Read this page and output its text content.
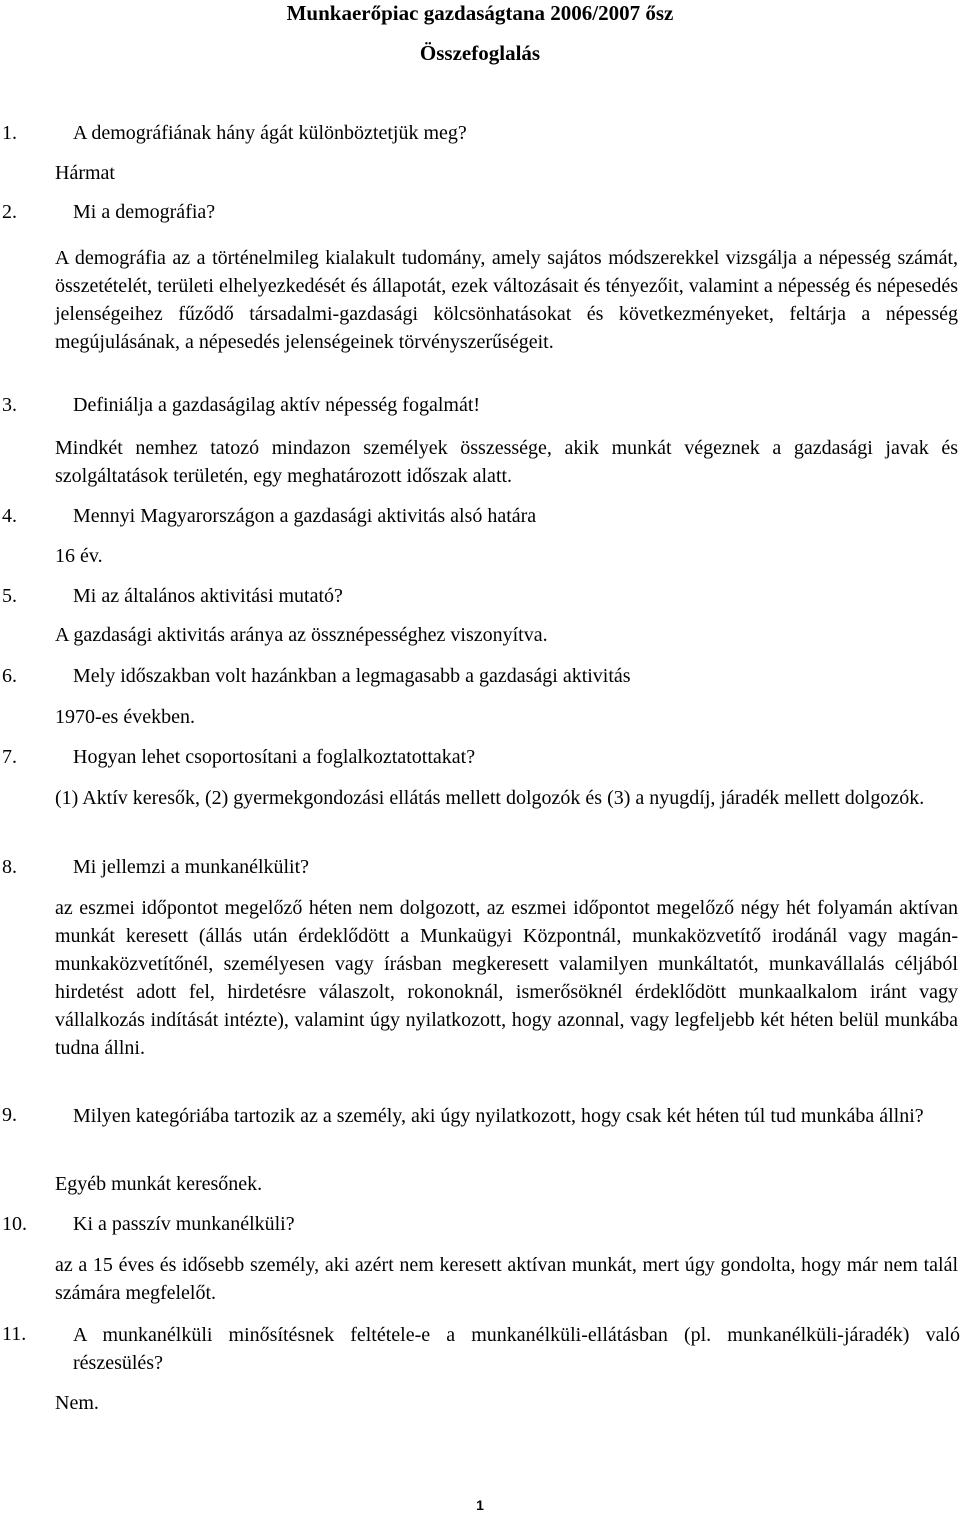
Munkaerőpiac gazdaságtana 2006/2007 ősz
Összefoglalás
1.	A demográfiának hány ágát különböztetjük meg?

Hármat

2.	Mi a demográfia?

A demográfia az a történelmileg kialakult tudomány, amely sajátos módszerekkel vizsgálja a népesség számát, összetételét, területi elhelyezkedését és állapotát, ezek változásait és tényezőit, valamint a népesség és népesedés jelenségeihez fűződő társadalmi-gazdasági kölcsönhatásokat és következményeket, feltárja a népesség megújulásának, a népesedés jelenségeinek törvényszerűségeit.

3.	Definiálja a gazdaságilag aktív népesség fogalmát!

Mindkét nemhez tatozó mindazon személyek összessége, akik munkát végeznek a gazdasági javak és szolgáltatások területén, egy meghatározott időszak alatt.

4.	Mennyi Magyarországon a gazdasági aktivitás alsó határa

16 év.

5.	Mi az általános aktivitási mutató?

A gazdasági aktivitás aránya az össznépességhez viszonyítva.

6.	Mely időszakban volt hazánkban a legmagasabb a gazdasági aktivitás

1970-es években.

7.	Hogyan lehet csoportosítani a foglalkoztatottakat?

(1) Aktív keresők, (2) gyermekgondozási ellátás mellett dolgozók és (3) a nyugdíj, járadék mellett dolgozók.

8.	Mi jellemzi a munkanélkülit?

az eszmei időpontot megelőző héten nem dolgozott, az eszmei időpontot megelőző négy hét folyamán aktívan munkát keresett (állás után érdeklődött a Munkaügyi Központnál, munkaközvetítő irodánál vagy magán-munkaközvetítőnél, személyesen vagy írásban megkeresett valamilyen munkáltatót, munkavállalás céljából hirdetést adott fel, hirdetésre válaszolt, rokonoknál, ismerősöknél érdeklődött munkaalkalom iránt vagy vállalkozás indítását intézte), valamint úgy nyilatkozott, hogy azonnal, vagy legfeljebb két héten belül munkába tudna állni.

9.	Milyen kategóriába tartozik az a személy, aki úgy nyilatkozott, hogy csak két héten túl tud munkába állni?

Egyéb munkát keresőnek.

10. Ki a passzív munkanélküli?

az a 15 éves és idősebb személy, aki azért nem keresett aktívan munkát, mert úgy gondolta, hogy már nem talál számára megfelelőt.

11. A munkanélküli minősítésnek feltétele-e a munkanélküli-ellátásban (pl. munkanélküli-járadék) való részesülés?

Nem.

1
